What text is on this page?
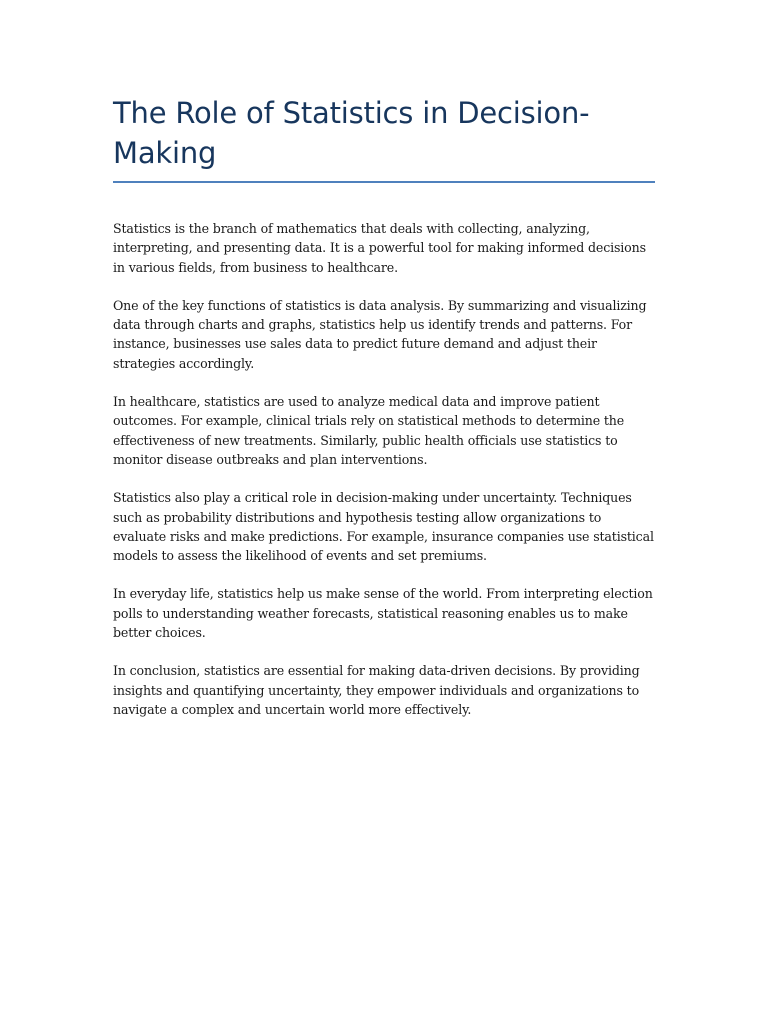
The Role of Statistics in Decision-Making

Statistics is the branch of mathematics that deals with collecting, analyzing, interpreting, and presenting data. It is a powerful tool for making informed decisions in various fields, from business to healthcare.

One of the key functions of statistics is data analysis. By summarizing and visualizing data through charts and graphs, statistics help us identify trends and patterns. For instance, businesses use sales data to predict future demand and adjust their strategies accordingly.

In healthcare, statistics are used to analyze medical data and improve patient outcomes. For example, clinical trials rely on statistical methods to determine the effectiveness of new treatments. Similarly, public health officials use statistics to monitor disease outbreaks and plan interventions.

Statistics also play a critical role in decision-making under uncertainty. Techniques such as probability distributions and hypothesis testing allow organizations to evaluate risks and make predictions. For example, insurance companies use statistical models to assess the likelihood of events and set premiums.

In everyday life, statistics help us make sense of the world. From interpreting election polls to understanding weather forecasts, statistical reasoning enables us to make better choices.

In conclusion, statistics are essential for making data-driven decisions. By providing insights and quantifying uncertainty, they empower individuals and organizations to navigate a complex and uncertain world more effectively.
